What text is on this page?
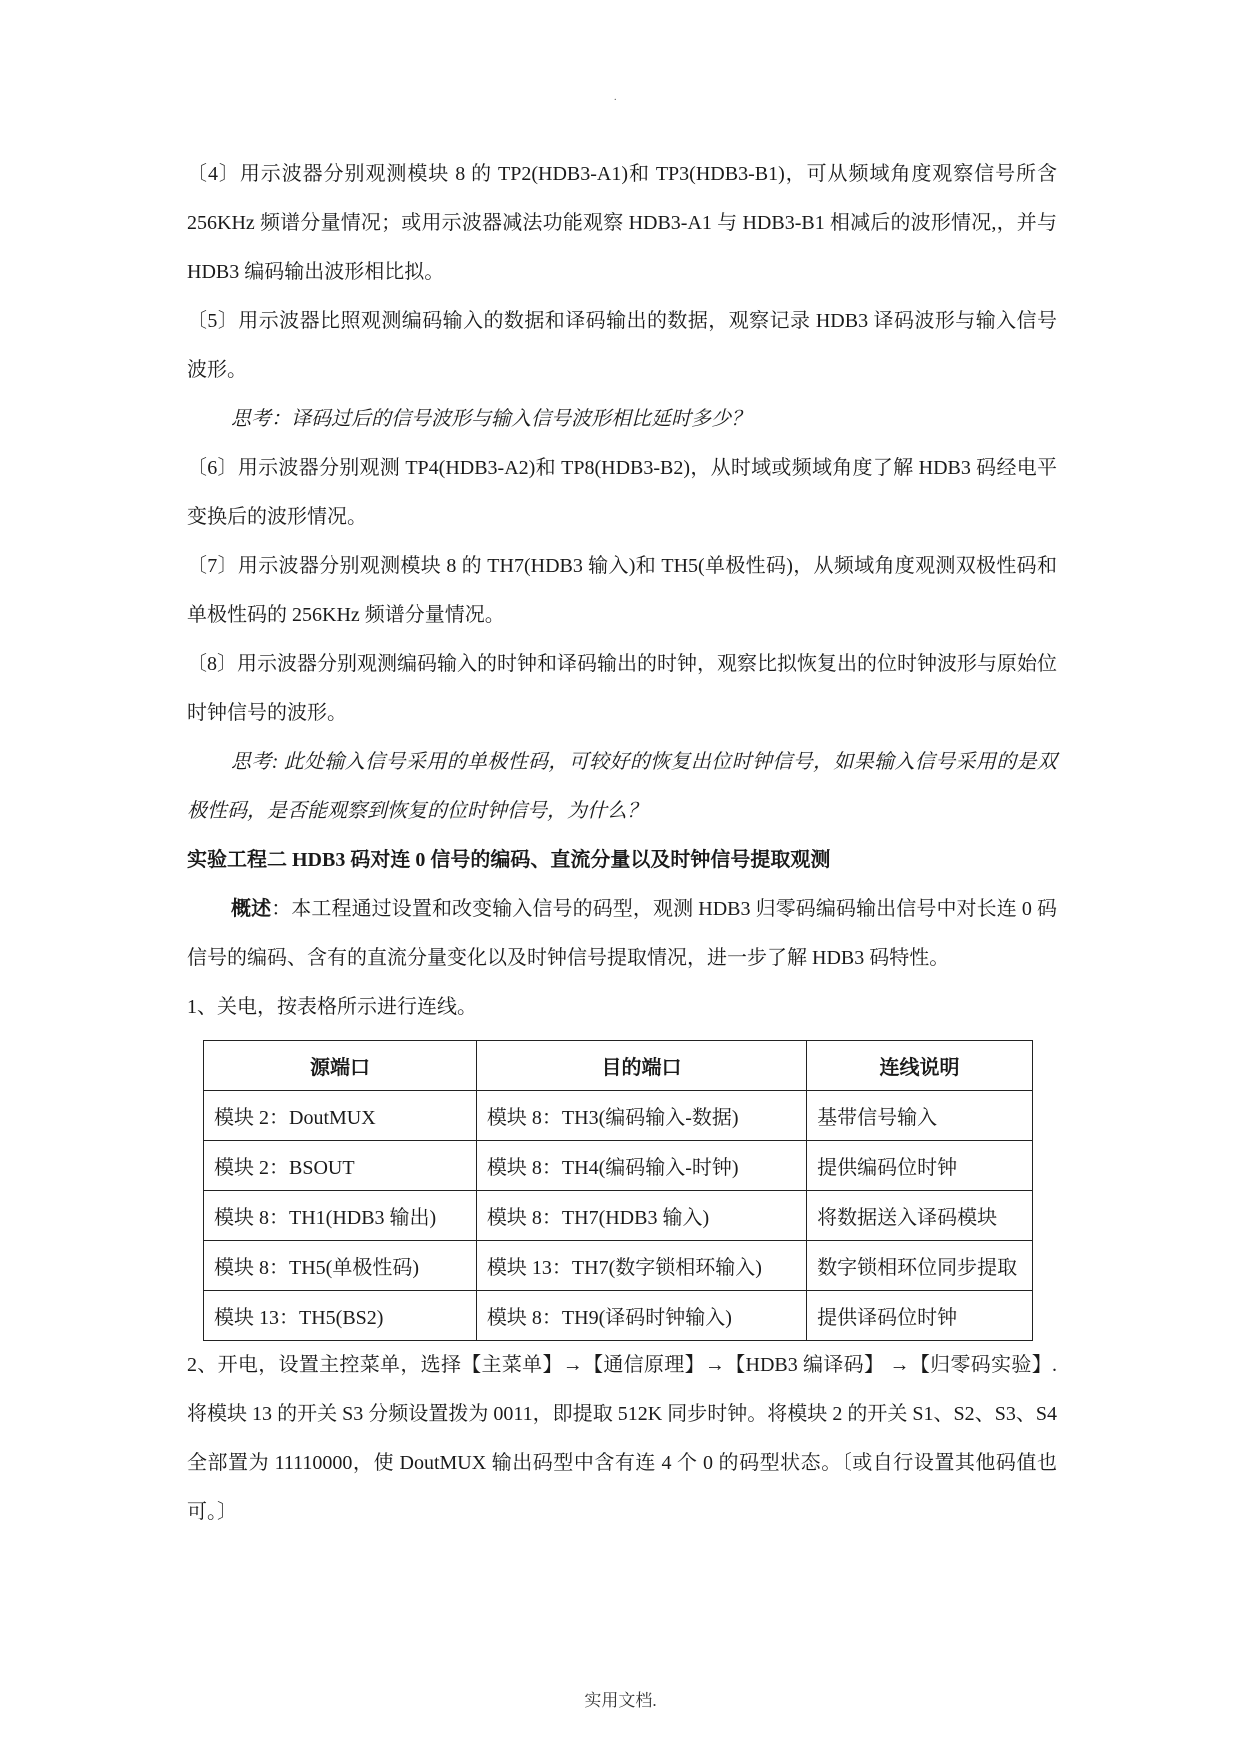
.

〔4〕用示波器分别观测模块 8 的 TP2(HDB3-A1)和 TP3(HDB3-B1)，可从频域角度观察信号所含 256KHz 频谱分量情况；或用示波器减法功能观察 HDB3-A1 与 HDB3-B1 相减后的波形情况,，并与 HDB3 编码输出波形相比拟。

〔5〕用示波器比照观测编码输入的数据和译码输出的数据，观察记录 HDB3 译码波形与输入信号波形。

思考：译码过后的信号波形与输入信号波形相比延时多少？

〔6〕用示波器分别观测 TP4(HDB3-A2)和 TP8(HDB3-B2)，从时域或频域角度了解 HDB3 码经电平变换后的波形情况。

〔7〕用示波器分别观测模块 8 的 TH7(HDB3 输入)和 TH5(单极性码)，从频域角度观测双极性码和单极性码的 256KHz 频谱分量情况。

〔8〕用示波器分别观测编码输入的时钟和译码输出的时钟，观察比拟恢复出的位时钟波形与原始位时钟信号的波形。

思考: 此处输入信号采用的单极性码，可较好的恢复出位时钟信号，如果输入信号采用的是双极性码，是否能观察到恢复的位时钟信号，为什么？

实验工程二 HDB3 码对连 0 信号的编码、直流分量以及时钟信号提取观测

概述：本工程通过设置和改变输入信号的码型，观测 HDB3 归零码编码输出信号中对长连 0 码信号的编码、含有的直流分量变化以及时钟信号提取情况，进一步了解 HDB3 码特性。

1、关电，按表格所示进行连线。

源端口	目的端口	连线说明
模块 2：DoutMUX	模块 8：TH3(编码输入-数据)	基带信号输入
模块 2：BSOUT	模块 8：TH4(编码输入-时钟)	提供编码位时钟
模块 8：TH1(HDB3 输出)	模块 8：TH7(HDB3 输入)	将数据送入译码模块
模块 8：TH5(单极性码)	模块 13：TH7(数字锁相环输入)	数字锁相环位同步提取
模块 13：TH5(BS2)	模块 8：TH9(译码时钟输入)	提供译码位时钟

2、开电，设置主控菜单，选择【主菜单】→【通信原理】→【HDB3 编译码】 →【归零码实验】.将模块 13 的开关 S3 分频设置拨为 0011，即提取 512K 同步时钟。将模块 2 的开关 S1、S2、S3、S4 全部置为 11110000，使 DoutMUX 输出码型中含有连 4 个 0 的码型状态。〔或自行设置其他码值也可。〕

实用文档.
